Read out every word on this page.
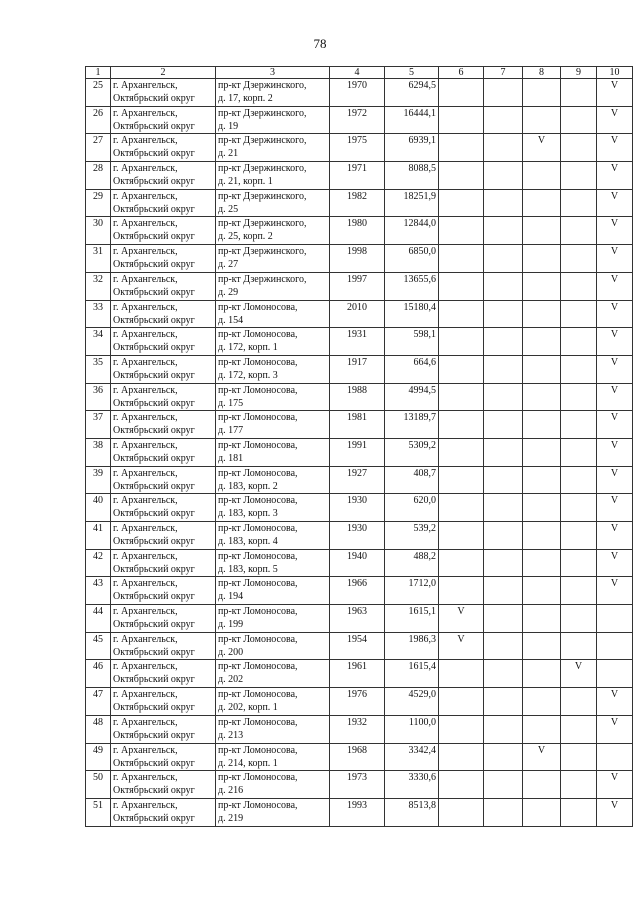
78
1	2	3	4	5	6	7	8	9	10
25	г. Архангельск,
Октябрьский округ	пр-кт Дзержинского,
д. 17, корп. 2	1970	6294,5					V
26	г. Архангельск,
Октябрьский округ	пр-кт Дзержинского,
д. 19	1972	16444,1					V
27	г. Архангельск,
Октябрьский округ	пр-кт Дзержинского,
д. 21	1975	6939,1			V		V
28	г. Архангельск,
Октябрьский округ	пр-кт Дзержинского,
д. 21, корп. 1	1971	8088,5					V
29	г. Архангельск,
Октябрьский округ	пр-кт Дзержинского,
д. 25	1982	18251,9					V
30	г. Архангельск,
Октябрьский округ	пр-кт Дзержинского,
д. 25, корп. 2	1980	12844,0					V
31	г. Архангельск,
Октябрьский округ	пр-кт Дзержинского,
д. 27	1998	6850,0					V
32	г. Архангельск,
Октябрьский округ	пр-кт Дзержинского,
д. 29	1997	13655,6					V
33	г. Архангельск,
Октябрьский округ	пр-кт Ломоносова,
д. 154	2010	15180,4					V
34	г. Архангельск,
Октябрьский округ	пр-кт Ломоносова,
д. 172, корп. 1	1931	598,1					V
35	г. Архангельск,
Октябрьский округ	пр-кт Ломоносова,
д. 172, корп. 3	1917	664,6					V
36	г. Архангельск,
Октябрьский округ	пр-кт Ломоносова,
д. 175	1988	4994,5					V
37	г. Архангельск,
Октябрьский округ	пр-кт Ломоносова,
д. 177	1981	13189,7					V
38	г. Архангельск,
Октябрьский округ	пр-кт Ломоносова,
д. 181	1991	5309,2					V
39	г. Архангельск,
Октябрьский округ	пр-кт Ломоносова,
д. 183, корп. 2	1927	408,7					V
40	г. Архангельск,
Октябрьский округ	пр-кт Ломоносова,
д. 183, корп. 3	1930	620,0					V
41	г. Архангельск,
Октябрьский округ	пр-кт Ломоносова,
д. 183, корп. 4	1930	539,2					V
42	г. Архангельск,
Октябрьский округ	пр-кт Ломоносова,
д. 183, корп. 5	1940	488,2					V
43	г. Архангельск,
Октябрьский округ	пр-кт Ломоносова,
д. 194	1966	1712,0					V
44	г. Архангельск,
Октябрьский округ	пр-кт Ломоносова,
д. 199	1963	1615,1	V				
45	г. Архангельск,
Октябрьский округ	пр-кт Ломоносова,
д. 200	1954	1986,3	V				
46	г. Архангельск,
Октябрьский округ	пр-кт Ломоносова,
д. 202	1961	1615,4				V	
47	г. Архангельск,
Октябрьский округ	пр-кт Ломоносова,
д. 202, корп. 1	1976	4529,0					V
48	г. Архангельск,
Октябрьский округ	пр-кт Ломоносова,
д. 213	1932	1100,0					V
49	г. Архангельск,
Октябрьский округ	пр-кт Ломоносова,
д. 214, корп. 1	1968	3342,4			V		
50	г. Архангельск,
Октябрьский округ	пр-кт Ломоносова,
д. 216	1973	3330,6					V
51	г. Архангельск,
Октябрьский округ	пр-кт Ломоносова,
д. 219	1993	8513,8					V
